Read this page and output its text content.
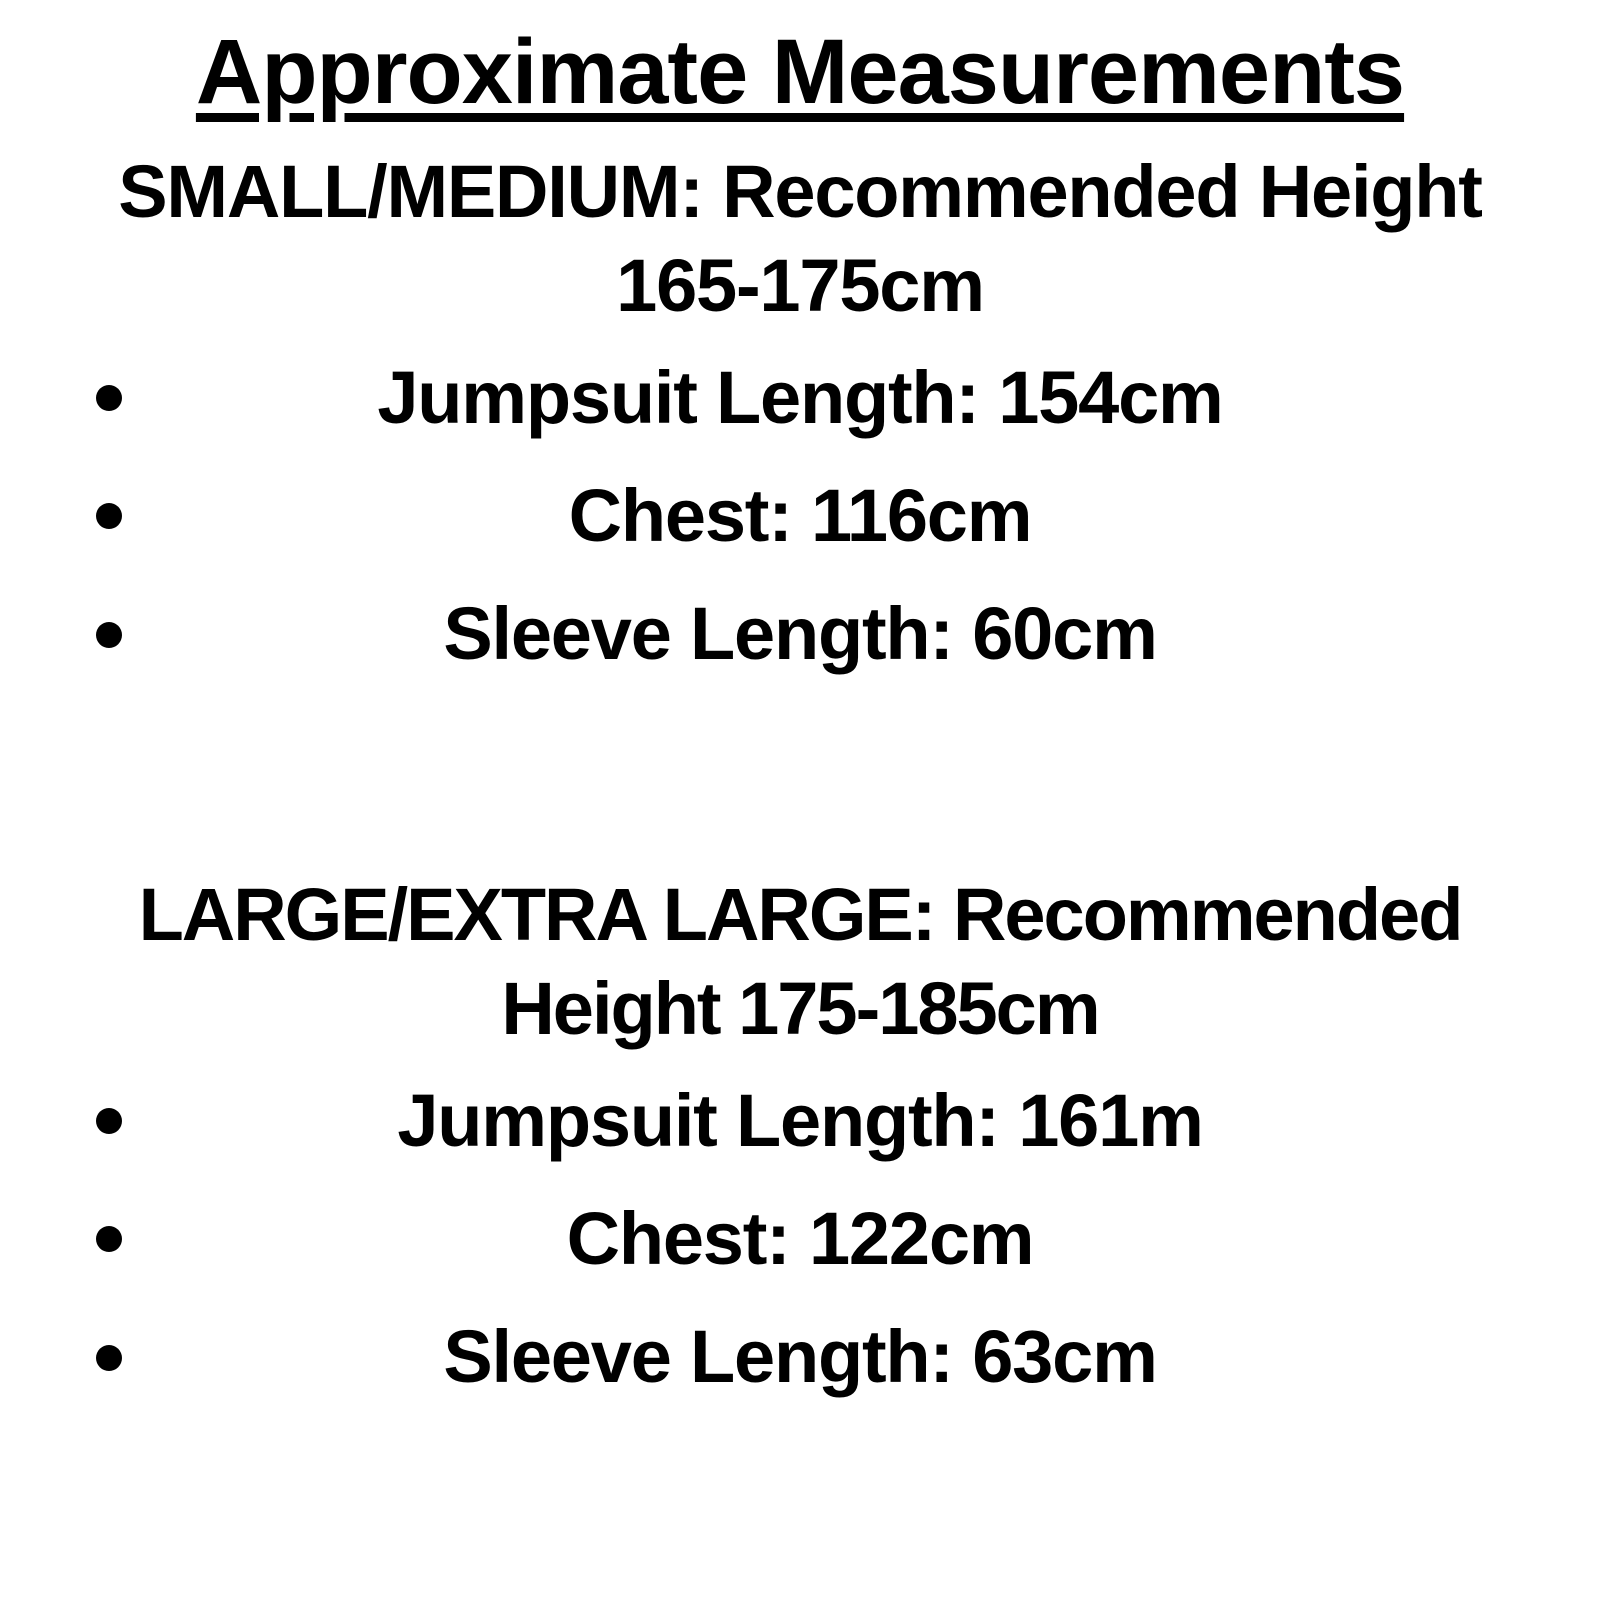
Approximate Measurements
SMALL/MEDIUM: Recommended Height 165-175cm
Jumpsuit Length: 154cm
Chest: 116cm
Sleeve Length: 60cm
LARGE/EXTRA LARGE: Recommended Height 175-185cm
Jumpsuit Length: 161m
Chest: 122cm
Sleeve Length: 63cm
